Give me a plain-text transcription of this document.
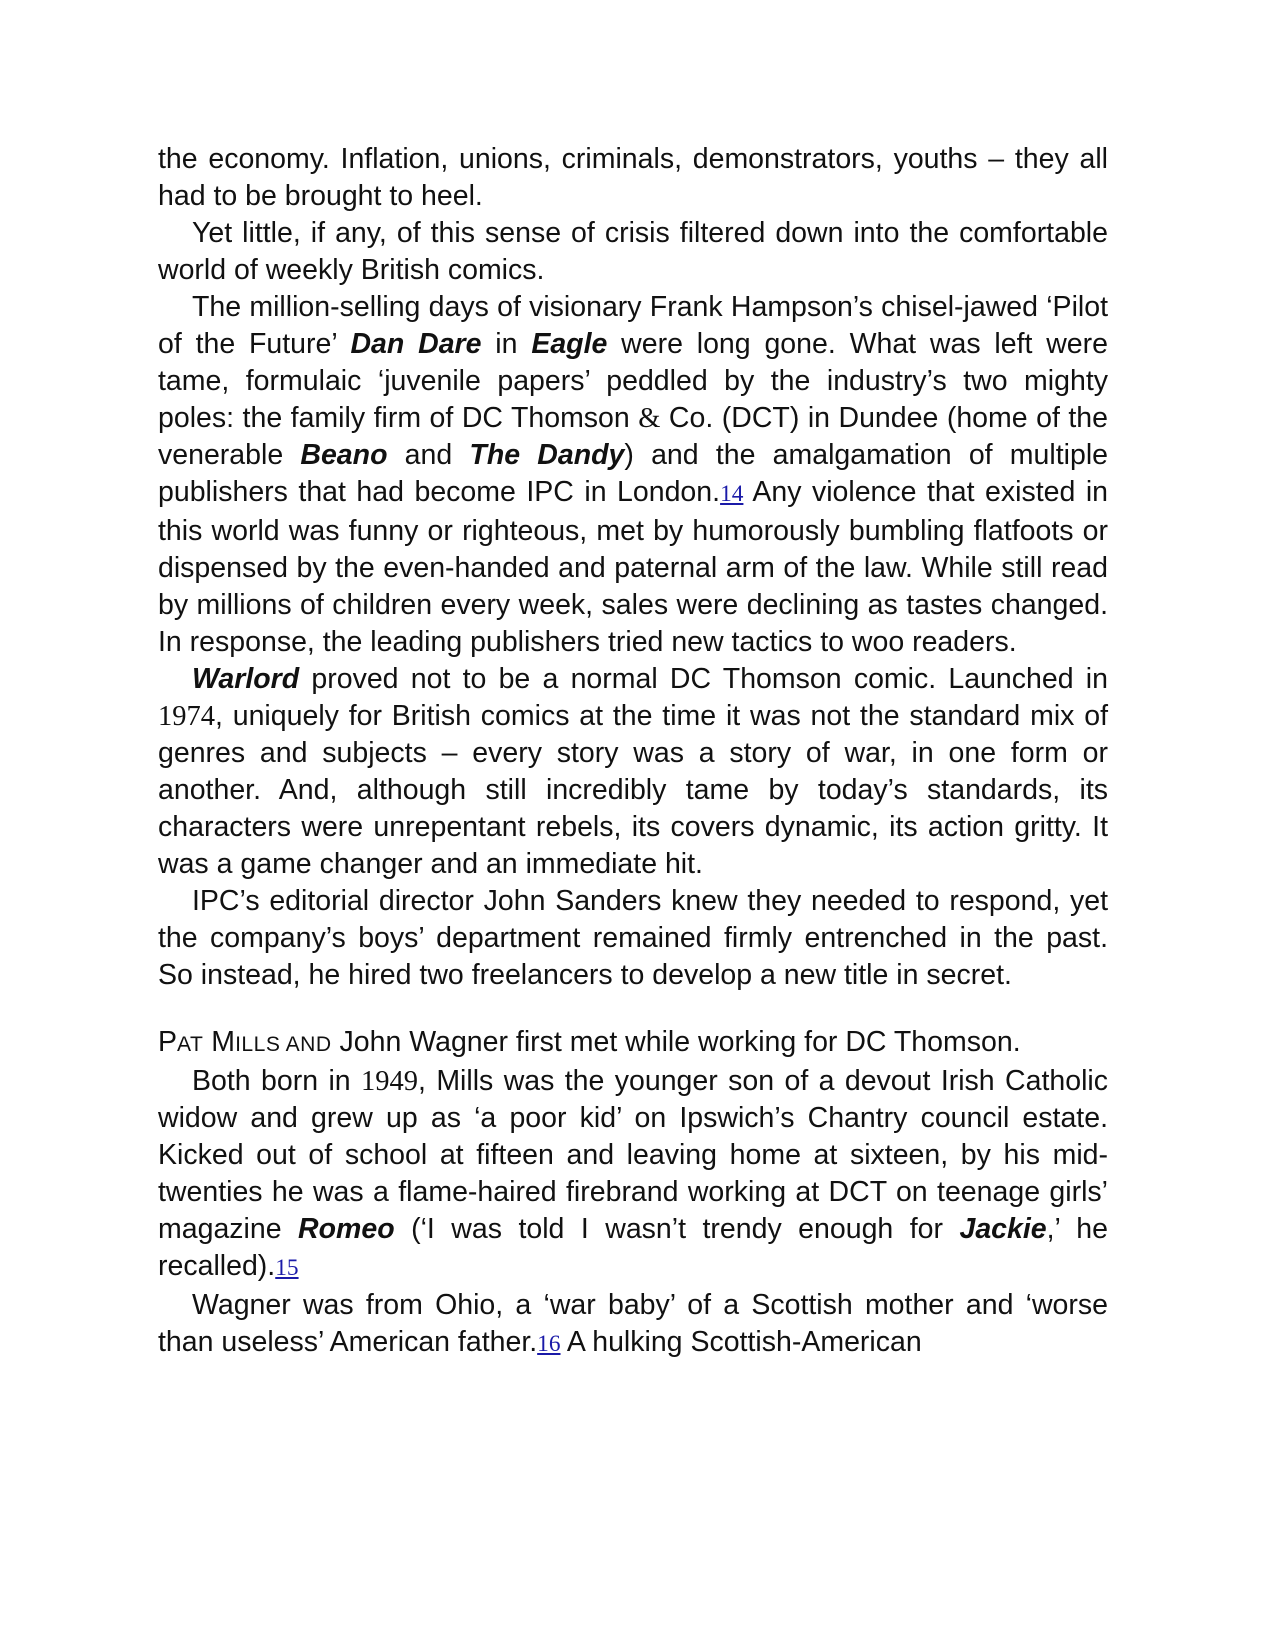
the economy. Inflation, unions, criminals, demonstrators, youths – they all had to be brought to heel.

Yet little, if any, of this sense of crisis filtered down into the comfortable world of weekly British comics.

The million-selling days of visionary Frank Hampson’s chisel-jawed ‘Pilot of the Future’ Dan Dare in Eagle were long gone. What was left were tame, formulaic ‘juvenile papers’ peddled by the industry’s two mighty poles: the family firm of DC Thomson & Co. (DCT) in Dundee (home of the venerable Beano and The Dandy) and the amalgamation of multiple publishers that had become IPC in London.14 Any violence that existed in this world was funny or righteous, met by humorously bumbling flatfoots or dispensed by the even-handed and paternal arm of the law. While still read by millions of children every week, sales were declining as tastes changed. In response, the leading publishers tried new tactics to woo readers.

Warlord proved not to be a normal DC Thomson comic. Launched in 1974, uniquely for British comics at the time it was not the standard mix of genres and subjects – every story was a story of war, in one form or another. And, although still incredibly tame by today’s standards, its characters were unrepentant rebels, its covers dynamic, its action gritty. It was a game changer and an immediate hit.

IPC’s editorial director John Sanders knew they needed to respond, yet the company’s boys’ department remained firmly entrenched in the past. So instead, he hired two freelancers to develop a new title in secret.

PAT MILLS AND John Wagner first met while working for DC Thomson.

Both born in 1949, Mills was the younger son of a devout Irish Catholic widow and grew up as ‘a poor kid’ on Ipswich’s Chantry council estate. Kicked out of school at fifteen and leaving home at sixteen, by his mid-twenties he was a flame-haired firebrand working at DCT on teenage girls’ magazine Romeo (‘I was told I wasn’t trendy enough for Jackie,’ he recalled).15

Wagner was from Ohio, a ‘war baby’ of a Scottish mother and ‘worse than useless’ American father.16 A hulking Scottish-American
